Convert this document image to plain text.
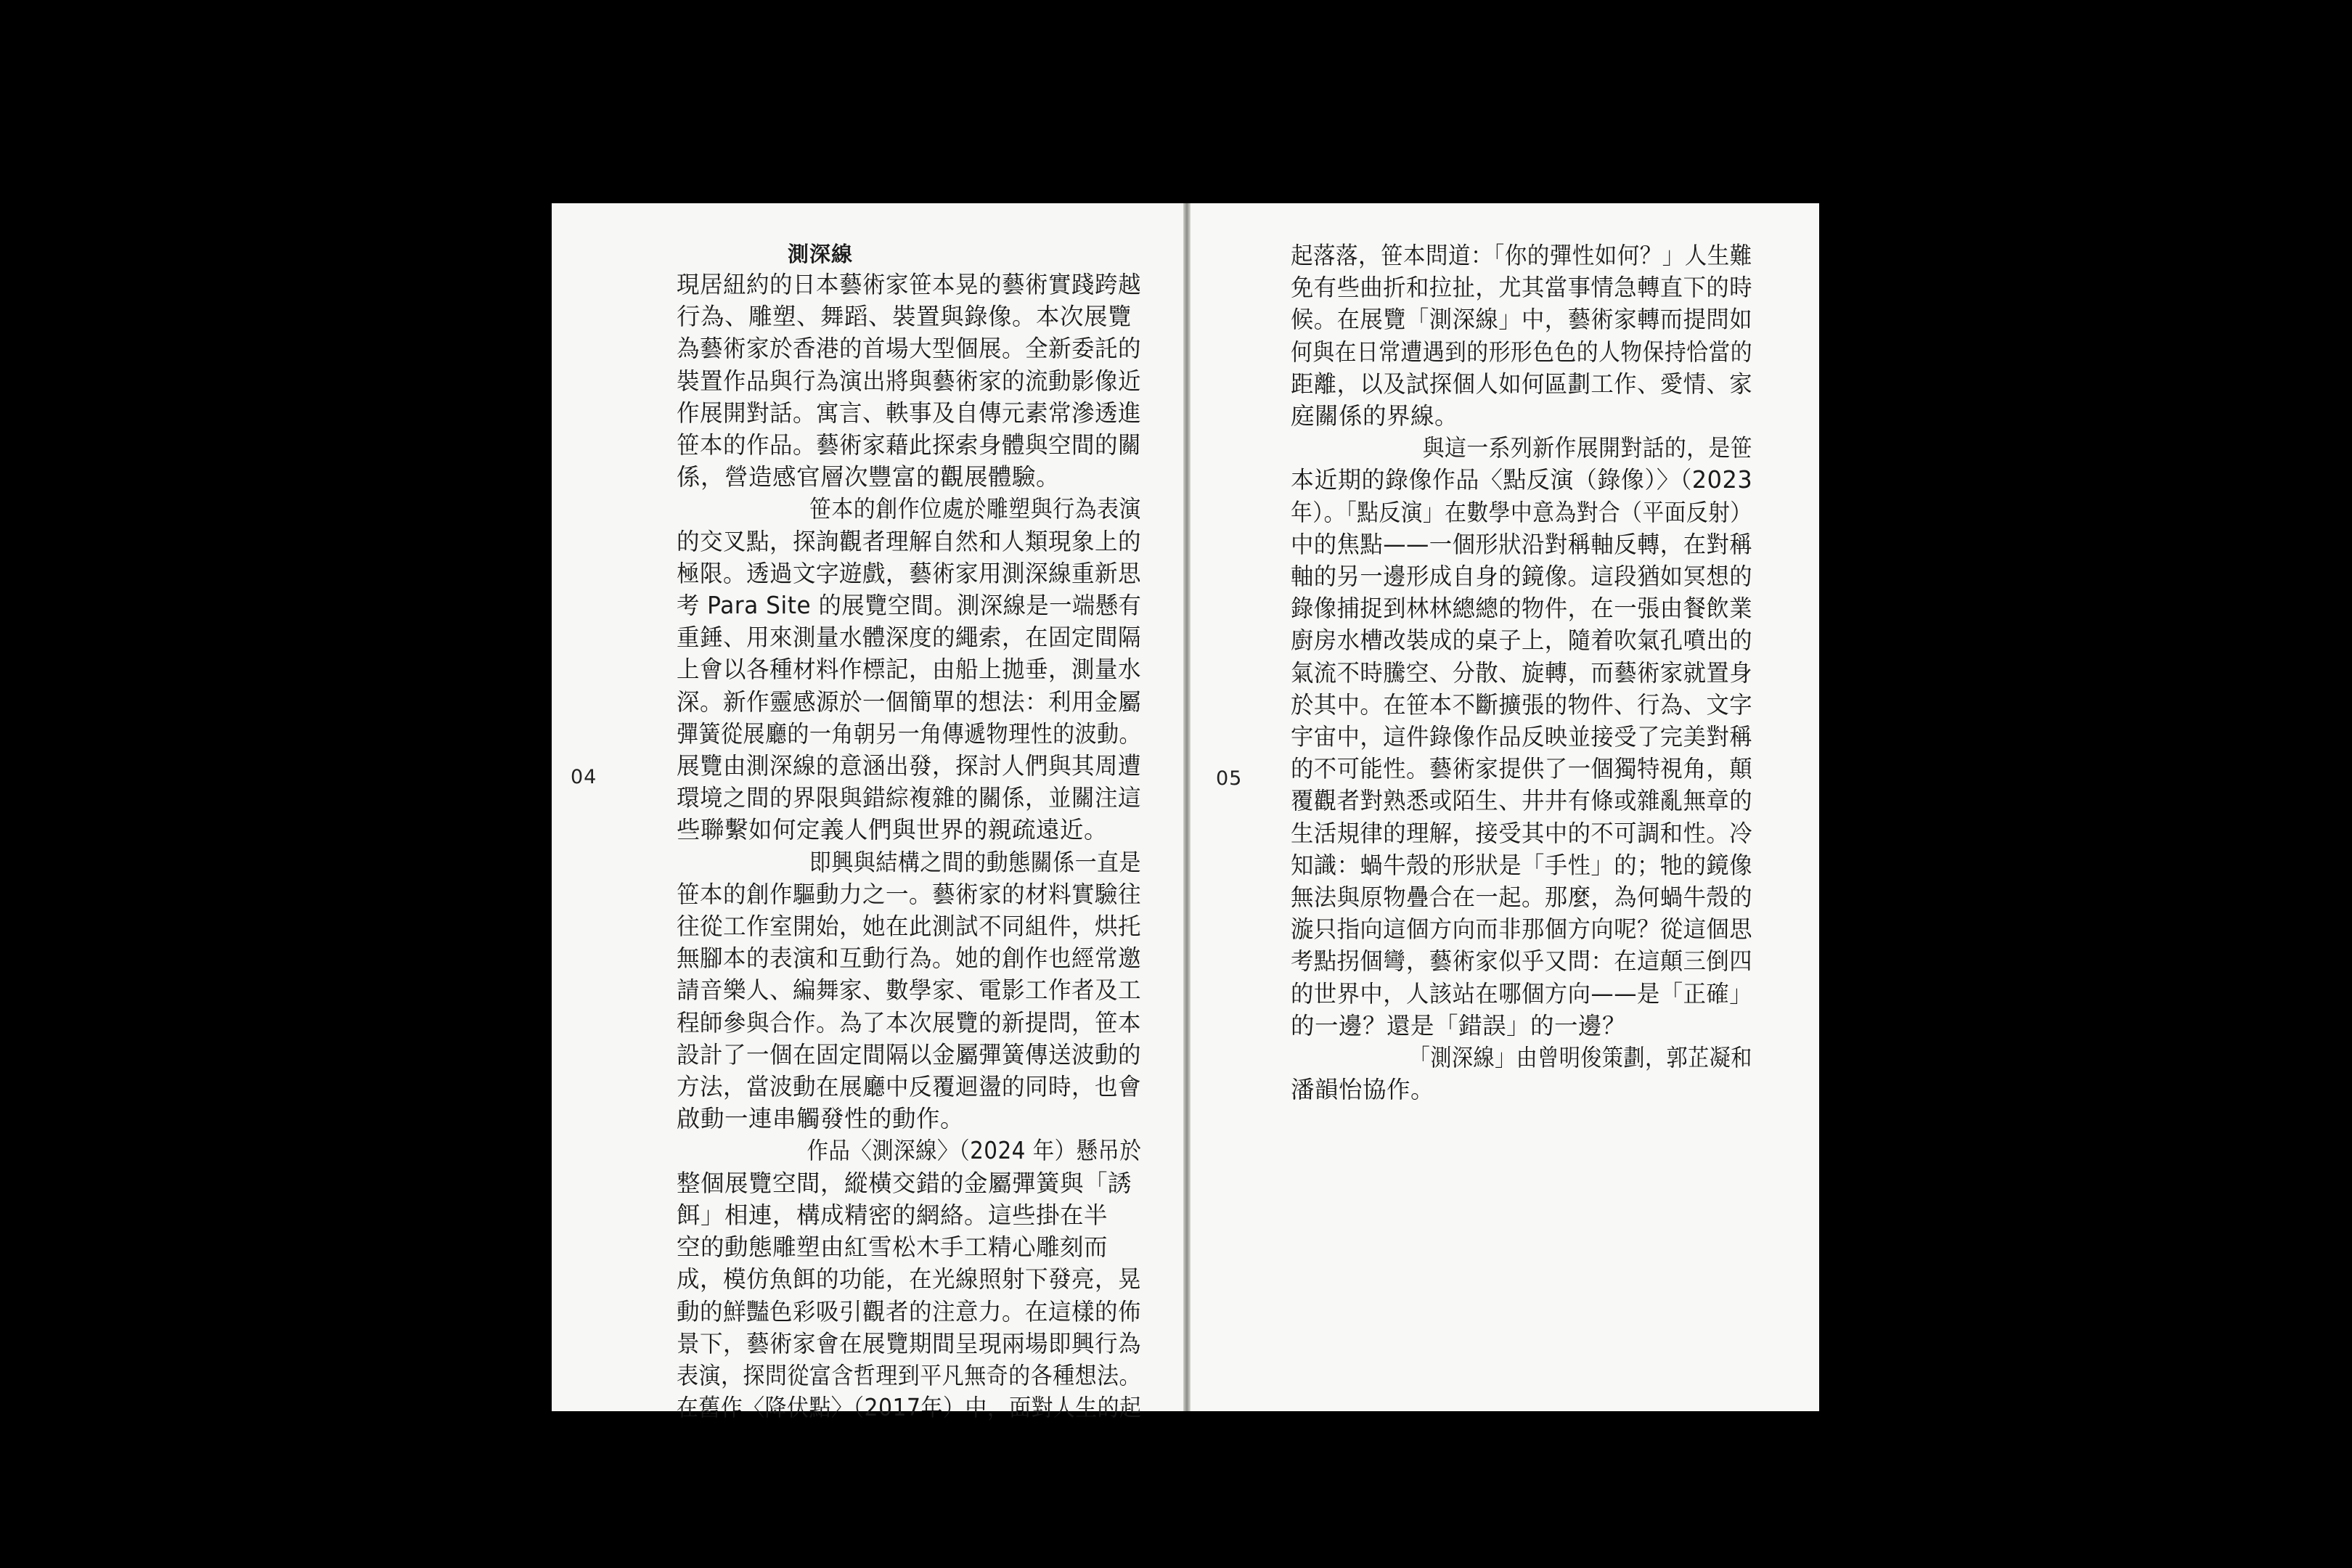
測深線
04	05
現居紐約的日本藝術家笹本晃的藝術實踐跨越
行為、雕塑、舞蹈、裝置與錄像。本次展覽
為藝術家於香港的首場大型個展。全新委託的
裝置作品與行為演出將與藝術家的流動影像近
作展開對話。寓言、軼事及自傳元素常滲透進
笹本的作品。藝術家藉此探索身體與空間的關
係，營造感官層次豐富的觀展體驗。
　　　　　　笹本的創作位處於雕塑與行為表演
的交叉點，探詢觀者理解自然和人類現象上的
極限。透過文字遊戲，藝術家用測深線重新思
考 Para Site 的展覽空間。測深線是一端懸有
重錘、用來測量水體深度的繩索，在固定間隔
上會以各種材料作標記，由船上拋垂，測量水
深。新作靈感源於一個簡單的想法：利用金屬
彈簧從展廳的一角朝另一角傳遞物理性的波動。
展覽由測深線的意涵出發，探討人們與其周遭
環境之間的界限與錯綜複雜的關係，並關注這
些聯繫如何定義人們與世界的親疏遠近。
　　　　　　即興與結構之間的動態關係一直是
笹本的創作驅動力之一。藝術家的材料實驗往
往從工作室開始，她在此測試不同組件，烘托
無腳本的表演和互動行為。她的創作也經常邀
請音樂人、編舞家、數學家、電影工作者及工
程師參與合作。為了本次展覽的新提問，笹本
設計了一個在固定間隔以金屬彈簧傳送波動的
方法，當波動在展廳中反覆迴盪的同時，也會
啟動一連串觸發性的動作。
　　　　　　作品〈測深線〉（2024 年）懸吊於
整個展覽空間，縱橫交錯的金屬彈簧與「誘
餌」相連，構成精密的網絡。這些掛在半
空的動態雕塑由紅雪松木手工精心雕刻而
成，模仿魚餌的功能，在光線照射下發亮，晃
動的鮮豔色彩吸引觀者的注意力。在這樣的佈
景下，藝術家會在展覽期間呈現兩場即興行為
表演，探問從富含哲理到平凡無奇的各種想法。
在舊作〈降伏點〉（2017年）中，面對人生的起
起落落，笹本問道：「你的彈性如何？」人生難
免有些曲折和拉扯，尤其當事情急轉直下的時
候。在展覽「測深線」中，藝術家轉而提問如
何與在日常遭遇到的形形色色的人物保持恰當的
距離，以及試探個人如何區劃工作、愛情、家
庭關係的界線。
　　　　　　與這一系列新作展開對話的，是笹
本近期的錄像作品〈點反演（錄像）〉（2023
年）。「點反演」在數學中意為對合（平面反射）
中的焦點——一個形狀沿對稱軸反轉，在對稱
軸的另一邊形成自身的鏡像。這段猶如冥想的
錄像捕捉到林林總總的物件，在一張由餐飲業
廚房水槽改裝成的桌子上，隨着吹氣孔噴出的
氣流不時騰空、分散、旋轉，而藝術家就置身
於其中。在笹本不斷擴張的物件、行為、文字
宇宙中，這件錄像作品反映並接受了完美對稱
的不可能性。藝術家提供了一個獨特視角，顛
覆觀者對熟悉或陌生、井井有條或雜亂無章的
生活規律的理解，接受其中的不可調和性。冷
知識：蝸牛殼的形狀是「手性」的；牠的鏡像
無法與原物疊合在一起。那麼，為何蝸牛殼的
漩只指向這個方向而非那個方向呢？從這個思
考點拐個彎，藝術家似乎又問：在這顛三倒四
的世界中，人該站在哪個方向——是「正確」
的一邊？還是「錯誤」的一邊？
　　　　　　「測深線」由曾明俊策劃，郭芷凝和
潘韻怡協作。
